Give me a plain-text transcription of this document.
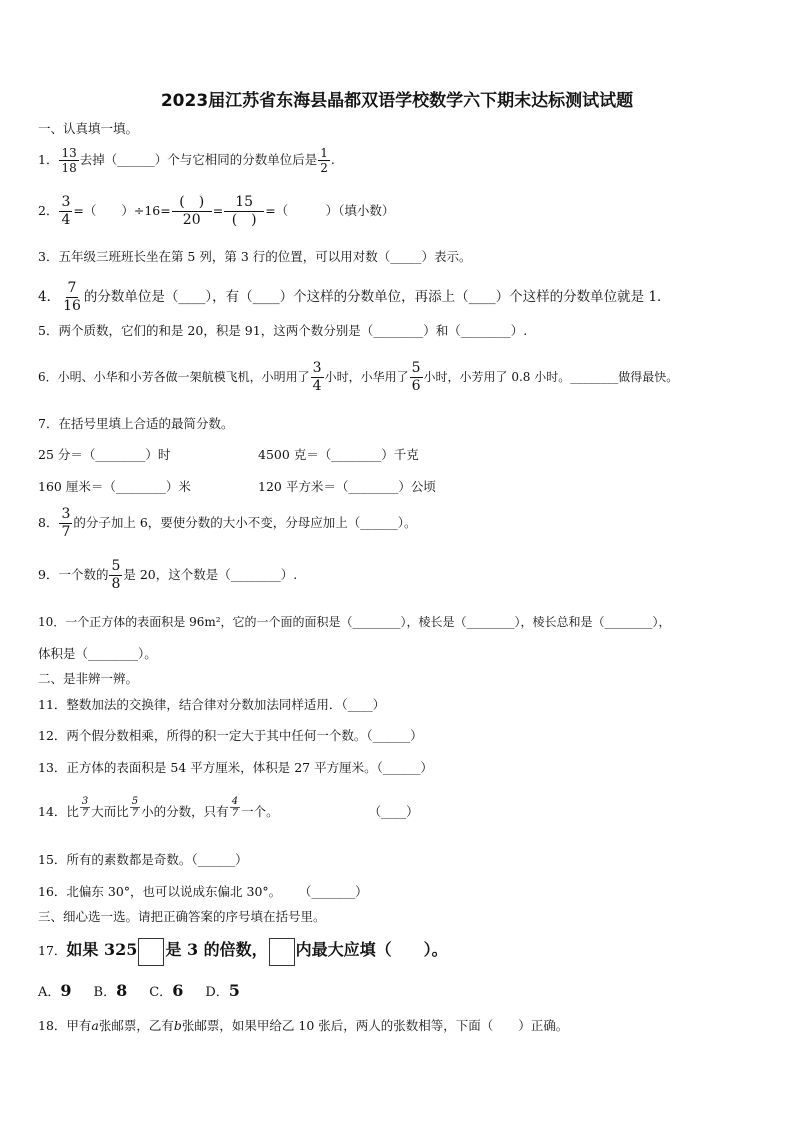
2023届江苏省东海县晶都双语学校数学六下期末达标测试试题
一、认真填一填。
1． $\frac{13}{18}$ 去掉（______）个与它相同的分数单位后是 $\frac{1}{2}$ .
2． $\frac{3}{4}$ =（　　）$\div 16= \frac{( )}{20} = \frac{15}{( )}$ =（　　　）（填小数）
3．五年级三班班长坐在第 5 列，第 3 行的位置，可以用对数（_____）表示。
4． $\frac{7}{16}$ 的分数单位是（____），有（____）个这样的分数单位，再添上（____）个这样的分数单位就是 1．
5．两个质数，它们的和是 20，积是 91，这两个数分别是（________）和（________）.
6．小明、小华和小芳各做一架航模飞机，小明用了 $\frac{3}{4}$ 小时，小华用了 $\frac{5}{6}$ 小时，小芳用了 0.8 小时。________做得最快。
7．在括号里填上合适的最简分数。
25 分＝（________）时	4500 克＝（________）千克
160 厘米＝（________）米	120 平方米＝（________）公顷
8． $\frac{3}{7}$ 的分子加上 6，要使分数的大小不变，分母应加上（______）。
9．一个数的 $\frac{5}{8}$ 是 20，这个数是（________）.
10．一个正方体的表面积是 96m²，它的一个面的面积是（________），棱长是（________），棱长总和是（________），
体积是（________）。
二、是非辨一辨。
11．整数加法的交换律，结合律对分数加法同样适用．（____）
12．两个假分数相乘，所得的积一定大于其中任何一个数。（______）
13．正方体的表面积是 54 平方厘米，体积是 27 平方厘米。（______）
14．比 $\frac{3}{7}$ 大而比 $\frac{5}{7}$ 小的分数，只有 $\frac{4}{7}$ 一个。	（____）
15．所有的素数都是奇数。（______）
16．北偏东 30°，也可以说成东偏北 30°。 （_______）
三、细心选一选。请把正确答案的序号填在括号里。
17．如果 325 是 3 的倍数， 内最大应填（　　）。
A．9 B．8 C．6 D．5
18．甲有a张邮票，乙有b张邮票，如果甲给乙 10 张后，两人的张数相等，下面（　　）正确。
